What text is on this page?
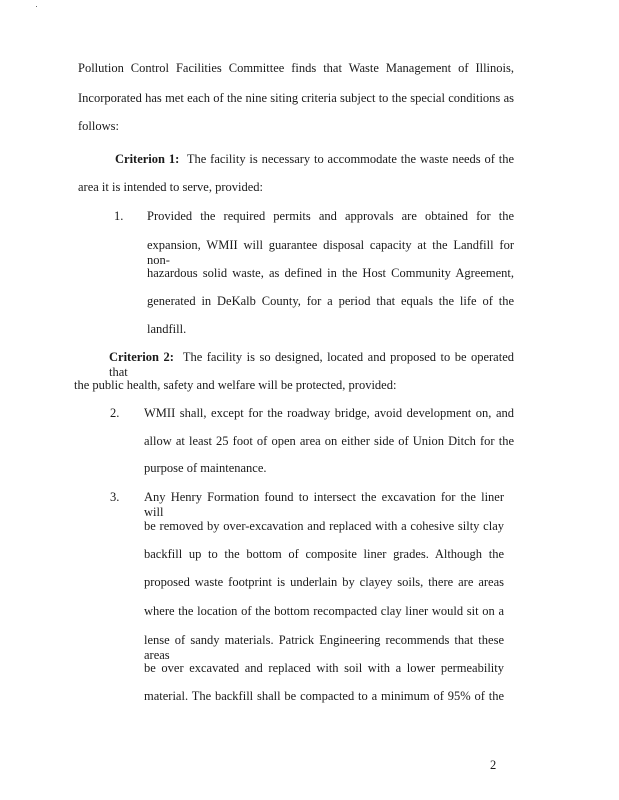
Pollution Control Facilities Committee finds that Waste Management of Illinois,
Incorporated has met each of the nine siting criteria subject to the special conditions as
follows:
Criterion 1: The facility is necessary to accommodate the waste needs of the
area it is intended to serve, provided:
1. Provided the required permits and approvals are obtained for the
expansion, WMII will guarantee disposal capacity at the Landfill for non-
hazardous solid waste, as defined in the Host Community Agreement,
generated in DeKalb County, for a period that equals the life of the
landfill.
Criterion 2: The facility is so designed, located and proposed to be operated that
the public health, safety and welfare will be protected, provided:
2. WMII shall, except for the roadway bridge, avoid development on, and
allow at least 25 foot of open area on either side of Union Ditch for the
purpose of maintenance.
3. Any Henry Formation found to intersect the excavation for the liner will
be removed by over-excavation and replaced with a cohesive silty clay
backfill up to the bottom of composite liner grades. Although the
proposed waste footprint is underlain by clayey soils, there are areas
where the location of the bottom recompacted clay liner would sit on a
lense of sandy materials. Patrick Engineering recommends that these areas
be over excavated and replaced with soil with a lower permeability
material. The backfill shall be compacted to a minimum of 95% of the
2
